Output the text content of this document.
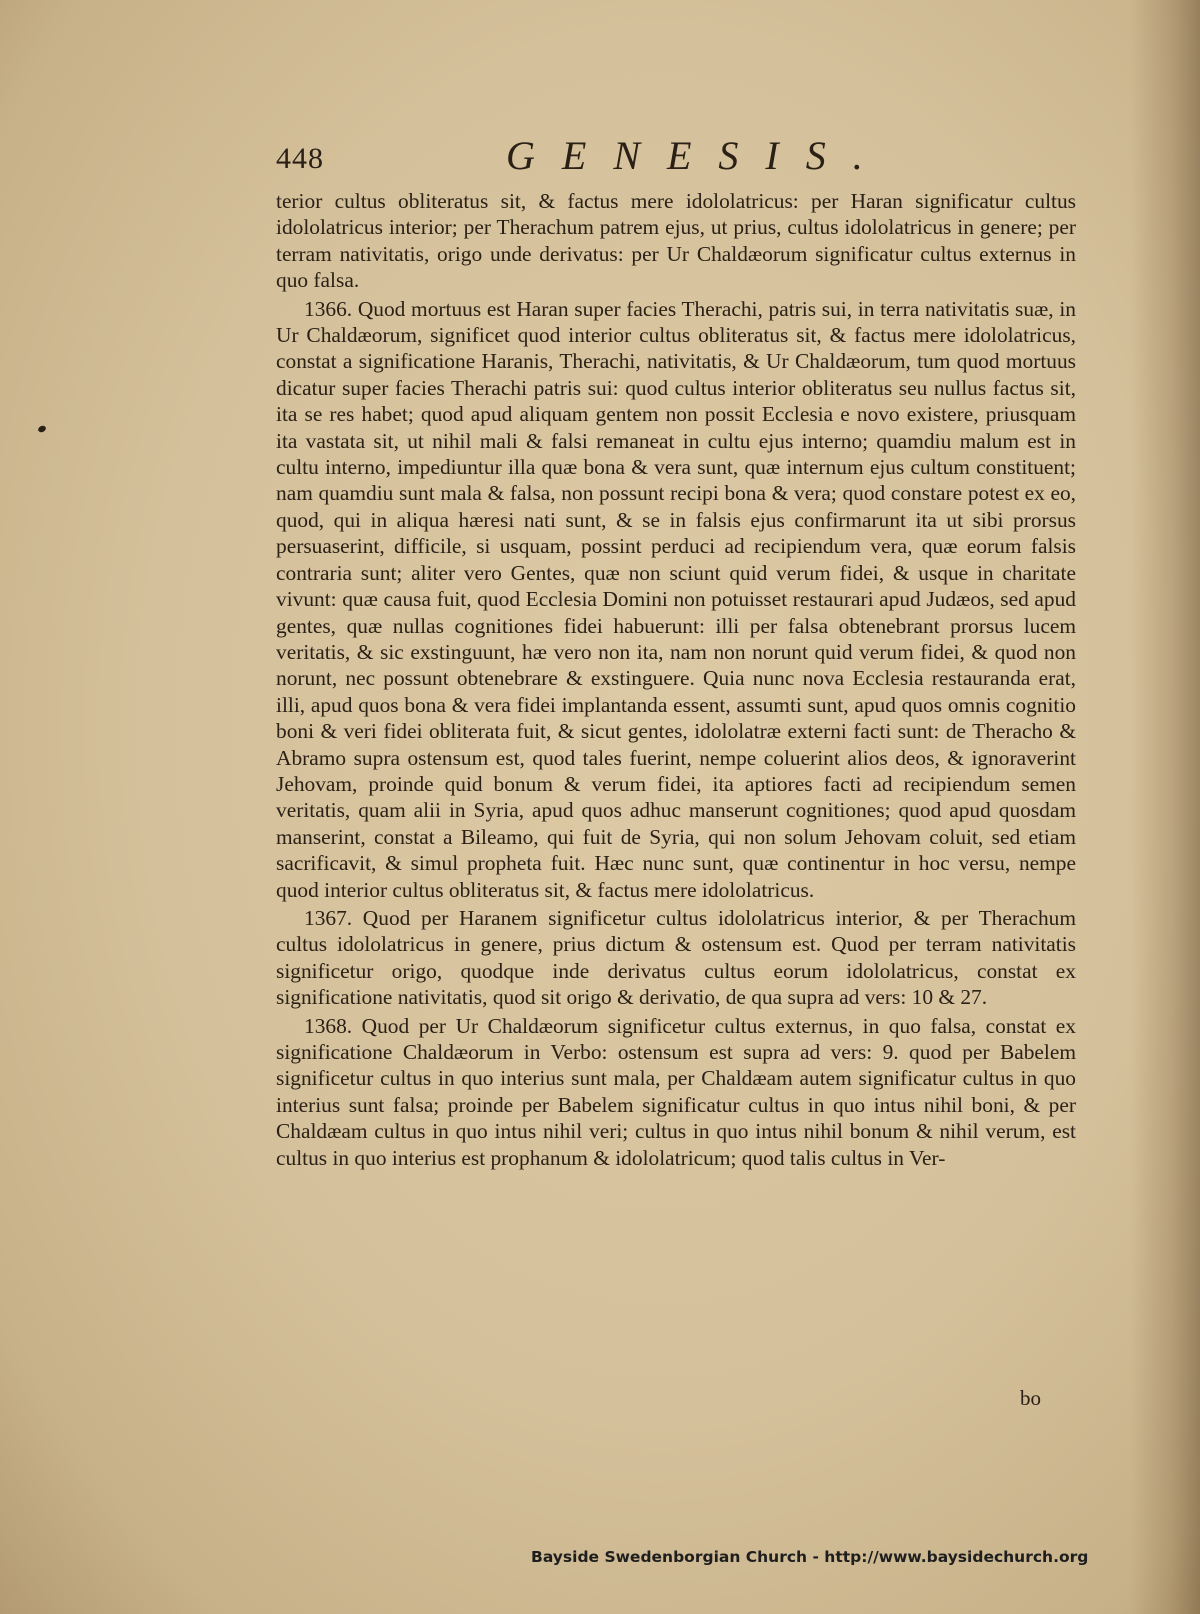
448	GENESIS.

terior cultus obliteratus sit, & factus mere idololatricus: per Haran significatur cultus idololatricus interior; per Therachum patrem ejus, ut prius, cultus idololatricus in genere; per terram nativitatis, origo unde derivatus: per Ur Chaldæorum significatur cultus externus in quo falsa.

1366. Quod mortuus est Haran super facies Therachi, patris sui, in terra nativitatis suæ, in Ur Chaldæorum, significet quod interior cultus obliteratus sit, & factus mere idololatricus, constat a significatione Haranis, Therachi, nativitatis, & Ur Chaldæorum, tum quod mortuus dicatur super facies Therachi patris sui: quod cultus interior obliteratus seu nullus factus sit, ita se res habet; quod apud aliquam gentem non possit Ecclesia e novo existere, priusquam ita vastata sit, ut nihil mali & falsi remaneat in cultu ejus interno; quamdiu malum est in cultu interno, impediuntur illa quæ bona & vera sunt, quæ internum ejus cultum constituent; nam quamdiu sunt mala & falsa, non possunt recipi bona & vera; quod constare potest ex eo, quod, qui in aliqua hæresi nati sunt, & se in falsis ejus confirmarunt ita ut sibi prorsus persuaserint, difficile, si usquam, possint perduci ad recipiendum vera, quæ eorum falsis contraria sunt; aliter vero Gentes, quæ non sciunt quid verum fidei, & usque in charitate vivunt: quæ causa fuit, quod Ecclesia Domini non potuisset restaurari apud Judæos, sed apud gentes, quæ nullas cognitiones fidei habuerunt: illi per falsa obtenebrant prorsus lucem veritatis, & sic exstinguunt, hæ vero non ita, nam non norunt quid verum fidei, & quod non norunt, nec possunt obtenebrare & exstinguere. Quia nunc nova Ecclesia restauranda erat, illi, apud quos bona & vera fidei implantanda essent, assumti sunt, apud quos omnis cognitio boni & veri fidei obliterata fuit, & sicut gentes, idololatræ externi facti sunt: de Theracho & Abramo supra ostensum est, quod tales fuerint, nempe coluerint alios deos, & ignoraverint Jehovam, proinde quid bonum & verum fidei, ita aptiores facti ad recipiendum semen veritatis, quam alii in Syria, apud quos adhuc manserunt cognitiones; quod apud quosdam manserint, constat a Bileamo, qui fuit de Syria, qui non solum Jehovam coluit, sed etiam sacrificavit, & simul propheta fuit. Hæc nunc sunt, quæ continentur in hoc versu, nempe quod interior cultus obliteratus sit, & factus mere idololatricus.

1367. Quod per Haranem significetur cultus idololatricus interior, & per Therachum cultus idololatricus in genere, prius dictum & ostensum est. Quod per terram nativitatis significetur origo, quodque inde derivatus cultus eorum idololatricus, constat ex significatione nativitatis, quod sit origo & derivatio, de qua supra ad vers: 10 & 27.

1368. Quod per Ur Chaldæorum significetur cultus externus, in quo falsa, constat ex significatione Chaldæorum in Verbo: ostensum est supra ad vers: 9. quod per Babelem significetur cultus in quo interius sunt mala, per Chaldæam autem significatur cultus in quo interius sunt falsa; proinde per Babelem significatur cultus in quo intus nihil boni, & per Chaldæam cultus in quo intus nihil veri; cultus in quo intus nihil bonum & nihil verum, est cultus in quo interius est prophanum & idololatricum; quod talis cultus in Ver-

bo
Bayside Swedenborgian Church - http://www.baysidechurch.org
